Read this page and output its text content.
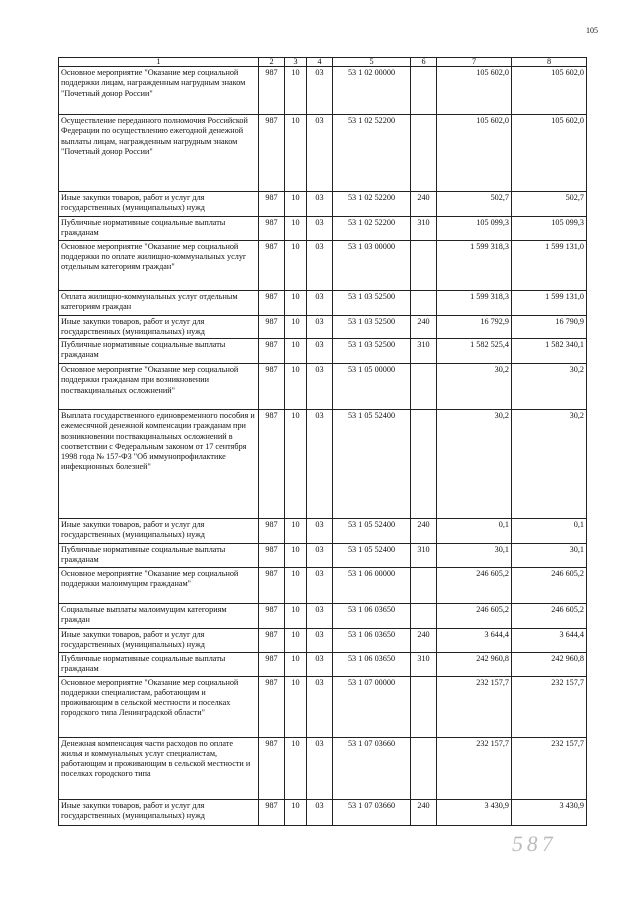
105
1	2	3	4	5	6	7	8
Основное мероприятие "Оказание мер социальной поддержки лицам, награжденным нагрудным знаком "Почетный донор России"	987	10	03	53 1 02 00000		105 602,0	105 602,0
Осуществление переданного полномочия Российской Федерации по осуществлению ежегодной денежной выплаты лицам, награжденным нагрудным знаком "Почетный донор России"	987	10	03	53 1 02 52200		105 602,0	105 602,0
Иные закупки товаров, работ и услуг для государственных (муниципальных) нужд	987	10	03	53 1 02 52200	240	502,7	502,7
Публичные нормативные социальные выплаты гражданам	987	10	03	53 1 02 52200	310	105 099,3	105 099,3
Основное мероприятие "Оказание мер социальной поддержки по оплате жилищно-коммунальных услуг отдельным категориям граждан"	987	10	03	53 1 03 00000		1 599 318,3	1 599 131,0
Оплата жилищно-коммунальных услуг отдельным категориям граждан	987	10	03	53 1 03 52500		1 599 318,3	1 599 131,0
Иные закупки товаров, работ и услуг для государственных (муниципальных) нужд	987	10	03	53 1 03 52500	240	16 792,9	16 790,9
Публичные нормативные социальные выплаты гражданам	987	10	03	53 1 03 52500	310	1 582 525,4	1 582 340,1
Основное мероприятие "Оказание мер социальной поддержки гражданам при возникновении поствакцинальных осложнений"	987	10	03	53 1 05 00000		30,2	30,2
Выплата государственного единовременного пособия и ежемесячной денежной компенсации гражданам при возникновении поствакцинальных осложнений в соответствии с Федеральным законом от 17 сентября 1998 года № 157-ФЗ "Об иммунопрофилактике инфекционных болезней"	987	10	03	53 1 05 52400		30,2	30,2
Иные закупки товаров, работ и услуг для государственных (муниципальных) нужд	987	10	03	53 1 05 52400	240	0,1	0,1
Публичные нормативные социальные выплаты гражданам	987	10	03	53 1 05 52400	310	30,1	30,1
Основное мероприятие "Оказание мер социальной поддержки малоимущим гражданам"	987	10	03	53 1 06 00000		246 605,2	246 605,2
Социальные выплаты малоимущим категориям граждан	987	10	03	53 1 06 03650		246 605,2	246 605,2
Иные закупки товаров, работ и услуг для государственных (муниципальных) нужд	987	10	03	53 1 06 03650	240	3 644,4	3 644,4
Публичные нормативные социальные выплаты гражданам	987	10	03	53 1 06 03650	310	242 960,8	242 960,8
Основное мероприятие "Оказание мер социальной поддержки специалистам, работающим и проживающим в сельской местности и поселках городского типа Ленинградской области"	987	10	03	53 1 07 00000		232 157,7	232 157,7
Денежная компенсация части расходов по оплате жилья и коммунальных услуг специалистам, работающим и проживающим в сельской местности и поселках городского типа	987	10	03	53 1 07 03660		232 157,7	232 157,7
Иные закупки товаров, работ и услуг для государственных (муниципальных) нужд	987	10	03	53 1 07 03660	240	3 430,9	3 430,9
587
